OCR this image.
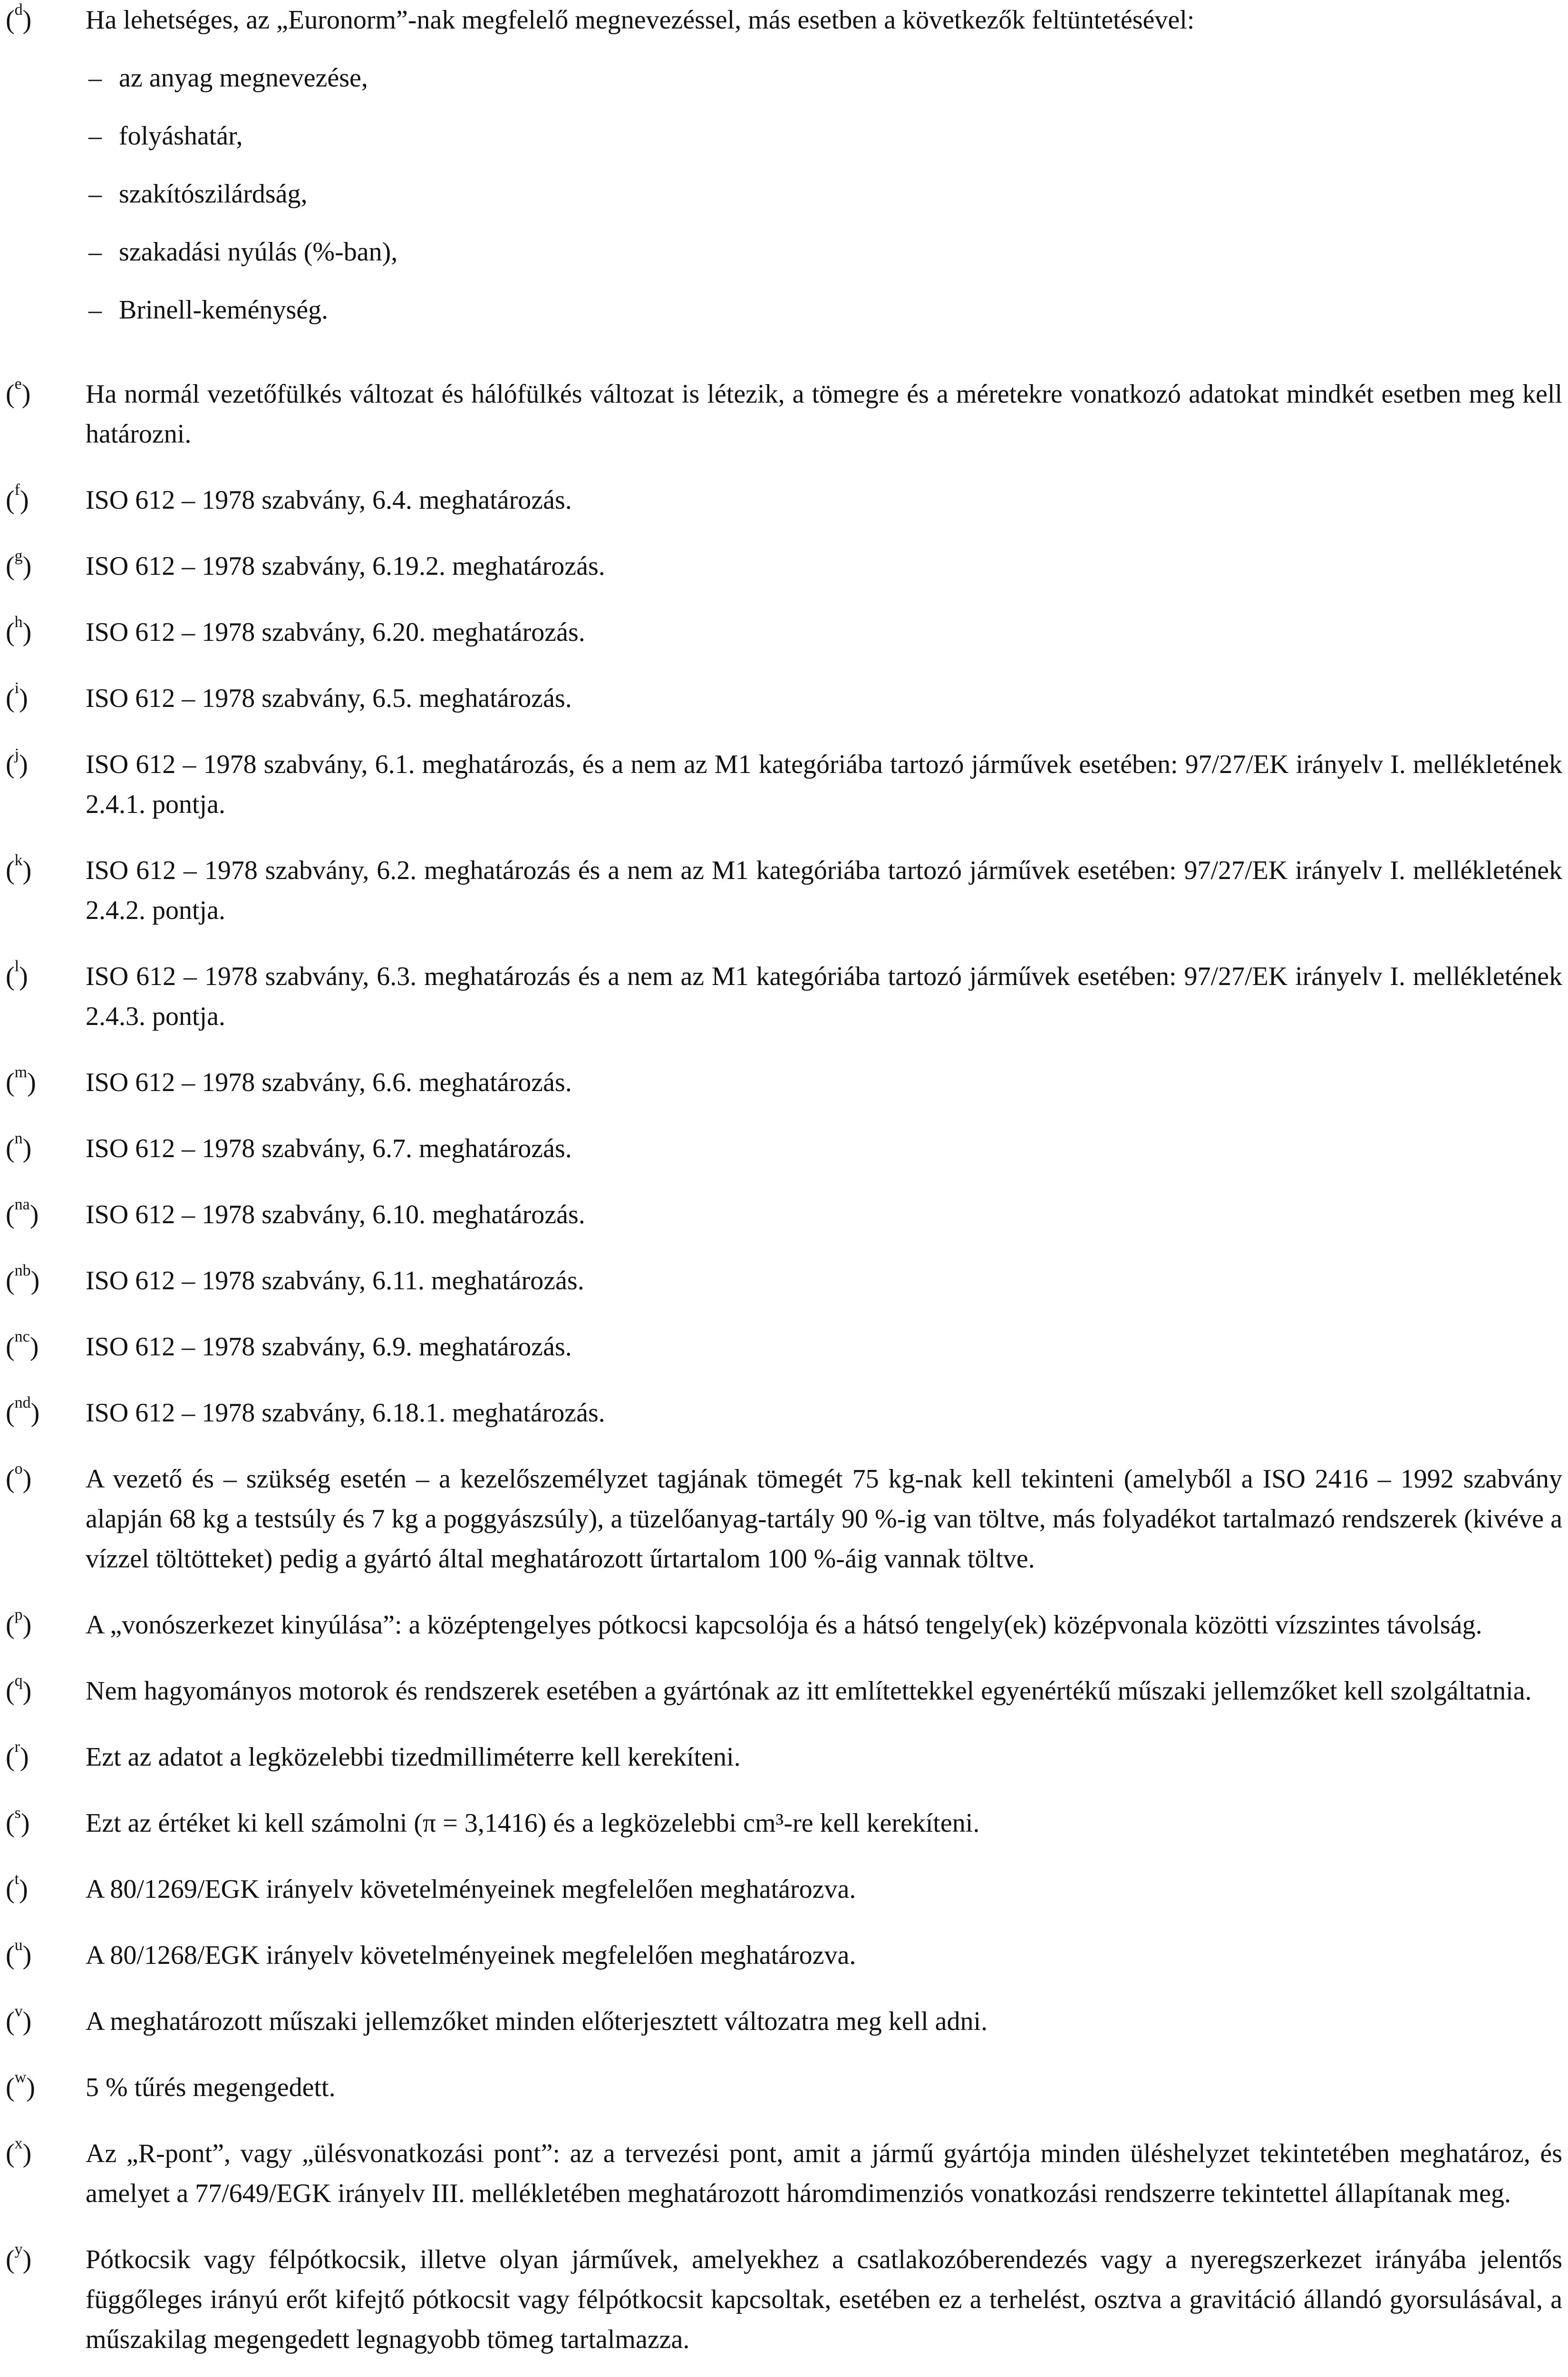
($^d$)	Ha lehetséges, az „Euronorm”-nak megfelelő megnevezéssel, más esetben a következők feltüntetésével:
– az anyag megnevezése,
– folyáshatár,
– szakítószilárdság,
– szakadási nyúlás (%-ban),
– Brinell-keménység.
($^e$)	Ha normál vezetőfülkés változat és hálófülkés változat is létezik, a tömegre és a méretekre vonatkozó adatokat mindkét esetben meg kell határozni.
($^f$)	ISO 612 – 1978 szabvány, 6.4. meghatározás.
($^g$)	ISO 612 – 1978 szabvány, 6.19.2. meghatározás.
($^h$)	ISO 612 – 1978 szabvány, 6.20. meghatározás.
($^i$)	ISO 612 – 1978 szabvány, 6.5. meghatározás.
($^j$)	ISO 612 – 1978 szabvány, 6.1. meghatározás, és a nem az M1 kategóriába tartozó járművek esetében: 97/27/EK irányelv I. mellékletének 2.4.1. pontja.
($^k$)	ISO 612 – 1978 szabvány, 6.2. meghatározás és a nem az M1 kategóriába tartozó járművek esetében: 97/27/EK irányelv I. mellékletének 2.4.2. pontja.
($^l$)	ISO 612 – 1978 szabvány, 6.3. meghatározás és a nem az M1 kategóriába tartozó járművek esetében: 97/27/EK irányelv I. mellékletének 2.4.3. pontja.
($^m$)	ISO 612 – 1978 szabvány, 6.6. meghatározás.
($^n$)	ISO 612 – 1978 szabvány, 6.7. meghatározás.
($^{na}$)	ISO 612 – 1978 szabvány, 6.10. meghatározás.
($^{nb}$)	ISO 612 – 1978 szabvány, 6.11. meghatározás.
($^{nc}$)	ISO 612 – 1978 szabvány, 6.9. meghatározás.
($^{nd}$)	ISO 612 – 1978 szabvány, 6.18.1. meghatározás.
($^o$)	A vezető és – szükség esetén – a kezelőszemélyzet tagjának tömegét 75 kg-nak kell tekinteni (amelyből a ISO 2416 – 1992 szabvány alapján 68 kg a testsúly és 7 kg a poggyászsúly), a tüzelőanyag-tartály 90 %-ig van töltve, más folyadékot tartalmazó rendszerek (kivéve a vízzel töltötteket) pedig a gyártó által meghatározott űrtartalom 100 %-áig vannak töltve.
($^p$)	A „vonószerkezet kinyúlása”: a középtengelyes pótkocsi kapcsolója és a hátsó tengely(ek) középvonala közötti vízszintes távolság.
($^q$)	Nem hagyományos motorok és rendszerek esetében a gyártónak az itt említettekkel egyenértékű műszaki jellemzőket kell szolgáltatnia.
($^r$)	Ezt az adatot a legközelebbi tizedmilliméterre kell kerekíteni.
($^s$)	Ezt az értéket ki kell számolni (π = 3,1416) és a legközelebbi cm³-re kell kerekíteni.
($^t$)	A 80/1269/EGK irányelv követelményeinek megfelelően meghatározva.
($^u$)	A 80/1268/EGK irányelv követelményeinek megfelelően meghatározva.
($^v$)	A meghatározott műszaki jellemzőket minden előterjesztett változatra meg kell adni.
($^w$)	5 % tűrés megengedett.
($^x$)	Az „R-pont”, vagy „ülésvonatkozási pont”: az a tervezési pont, amit a jármű gyártója minden üléshelyzet tekintetében meghatároz, és amelyet a 77/649/EGK irányelv III. mellékletében meghatározott háromdimenziós vonatkozási rendszerre tekintettel állapítanak meg.
($^y$)	Pótkocsik vagy félpótkocsik, illetve olyan járművek, amelyekhez a csatlakozóberendezés vagy a nyeregszerkezet irányába jelentős függőleges irányú erőt kifejtő pótkocsit vagy félpótkocsit kapcsoltak, esetében ez a terhelést, osztva a gravitáció állandó gyorsulásával, a műszakilag megengedett legnagyobb tömeg tartalmazza.
